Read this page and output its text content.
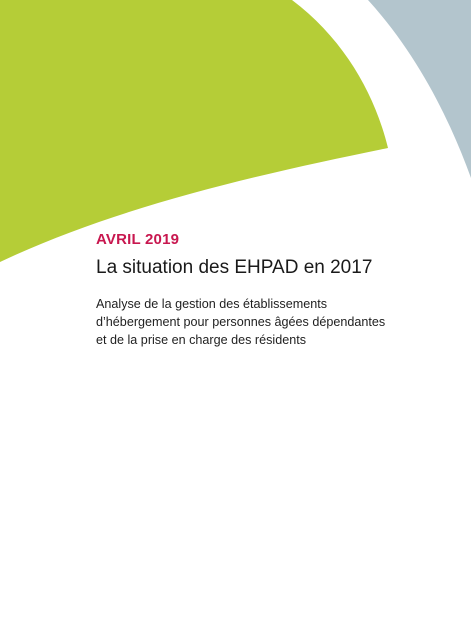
AVRIL 2019
La situation des EHPAD en 2017
Analyse de la gestion des établissements
d’hébergement pour personnes âgées dépendantes
et de la prise en charge des résidents
